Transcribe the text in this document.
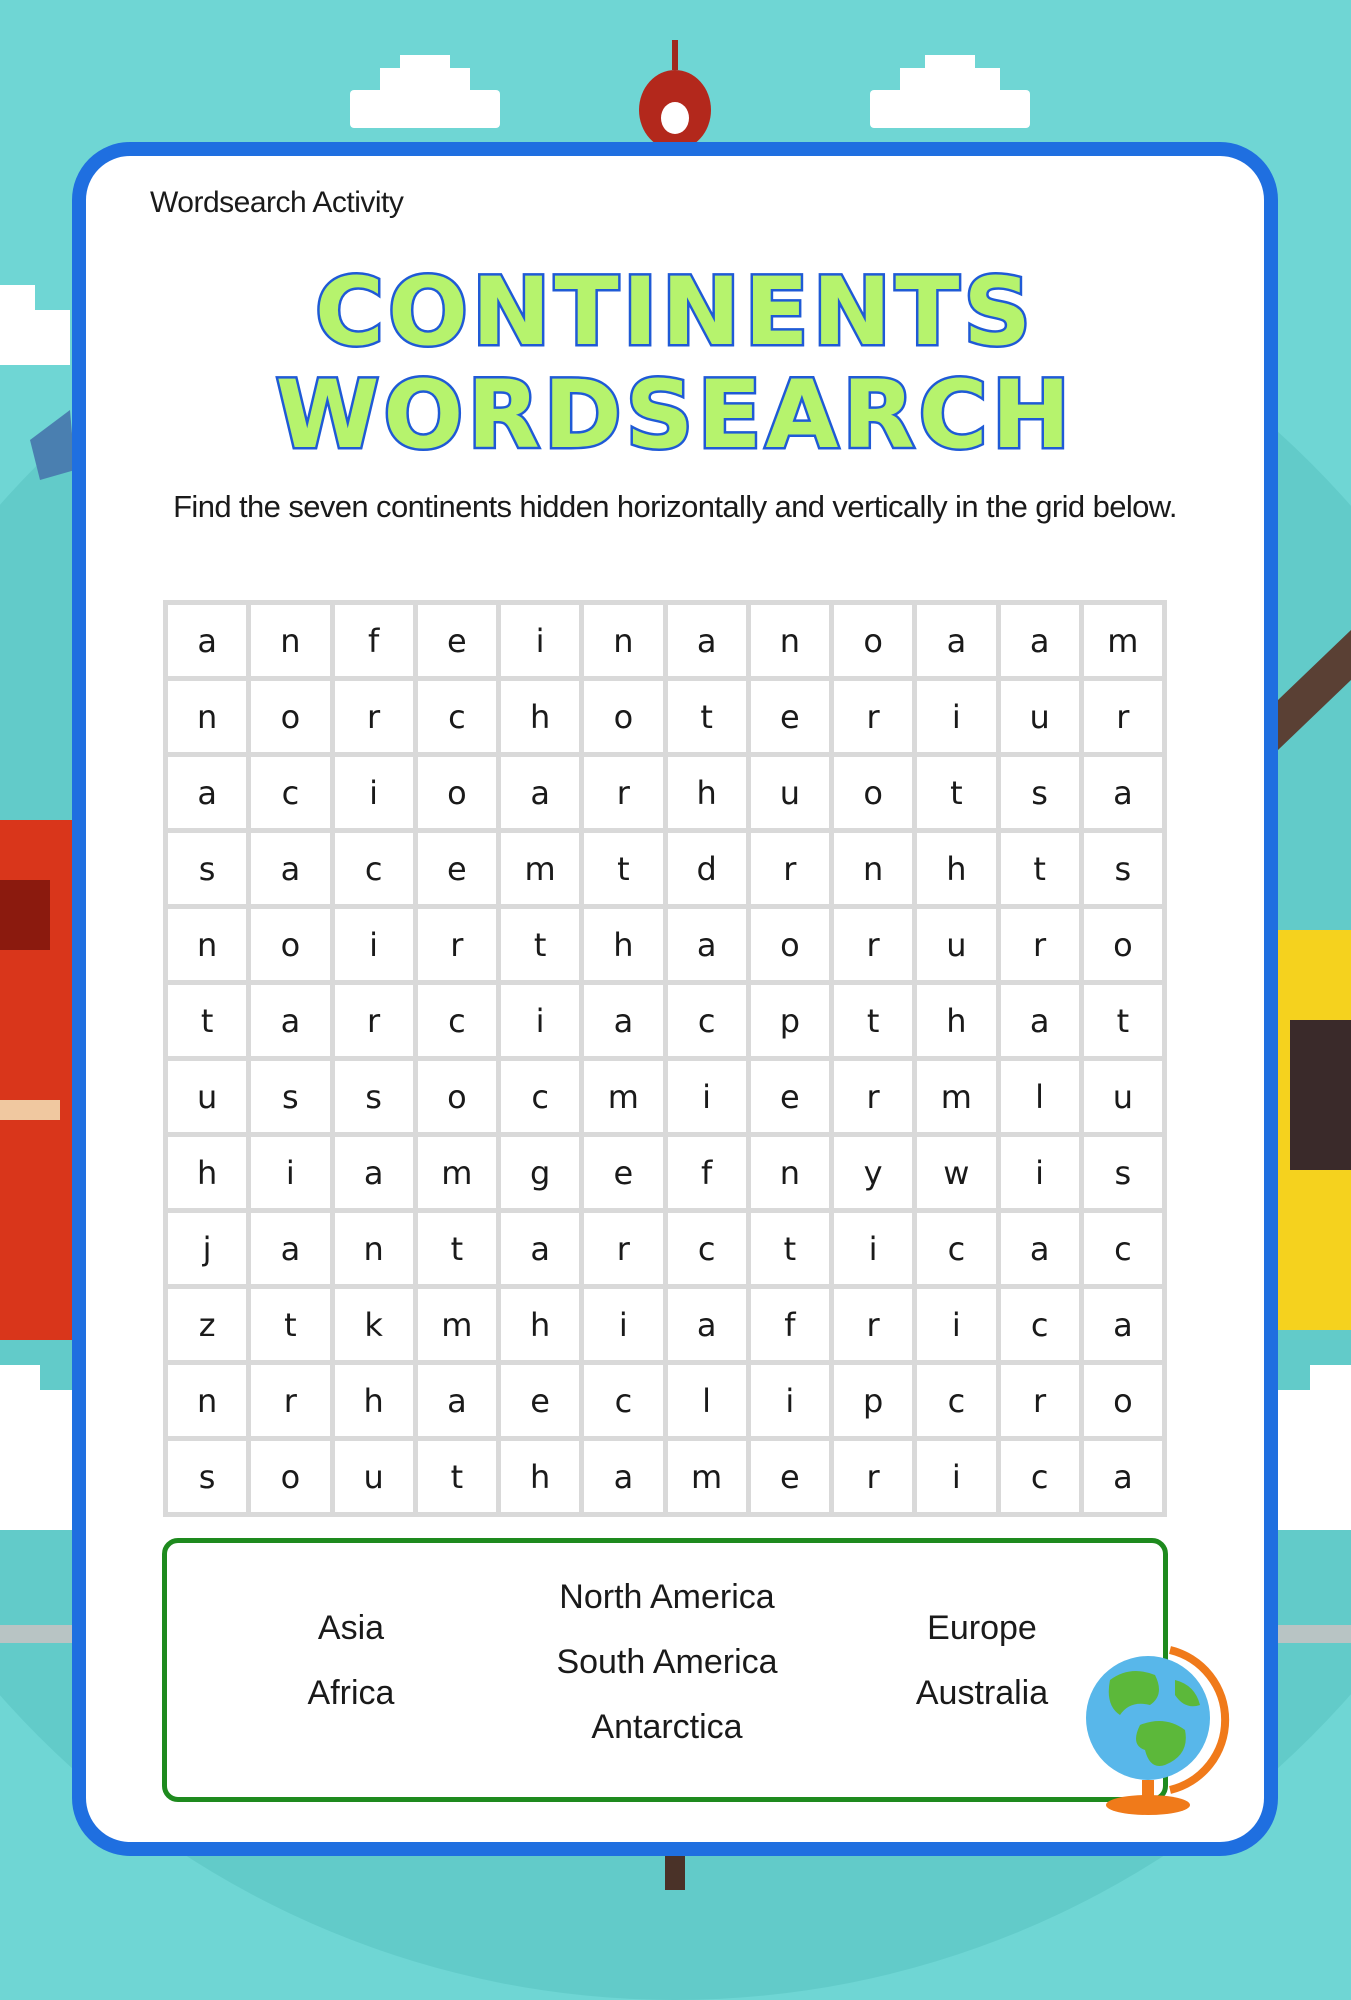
Wordsearch Activity
CONTINENTS
WORDSEARCH
Find the seven continents hidden horizontally and vertically in the grid below.
a	n	f	e	i	n	a	n	o	a	a	m
n	o	r	c	h	o	t	e	r	i	u	r
a	c	i	o	a	r	h	u	o	t	s	a
s	a	c	e	m	t	d	r	n	h	t	s
n	o	i	r	t	h	a	o	r	u	r	o
t	a	r	c	i	a	c	p	t	h	a	t
u	s	s	o	c	m	i	e	r	m	l	u
h	i	a	m	g	e	f	n	y	w	i	s
j	a	n	t	a	r	c	t	i	c	a	c
z	t	k	m	h	i	a	f	r	i	c	a
n	r	h	a	e	c	l	i	p	c	r	o
s	o	u	t	h	a	m	e	r	i	c	a
Asia
Africa
North America
South America
Antarctica
Europe
Australia
